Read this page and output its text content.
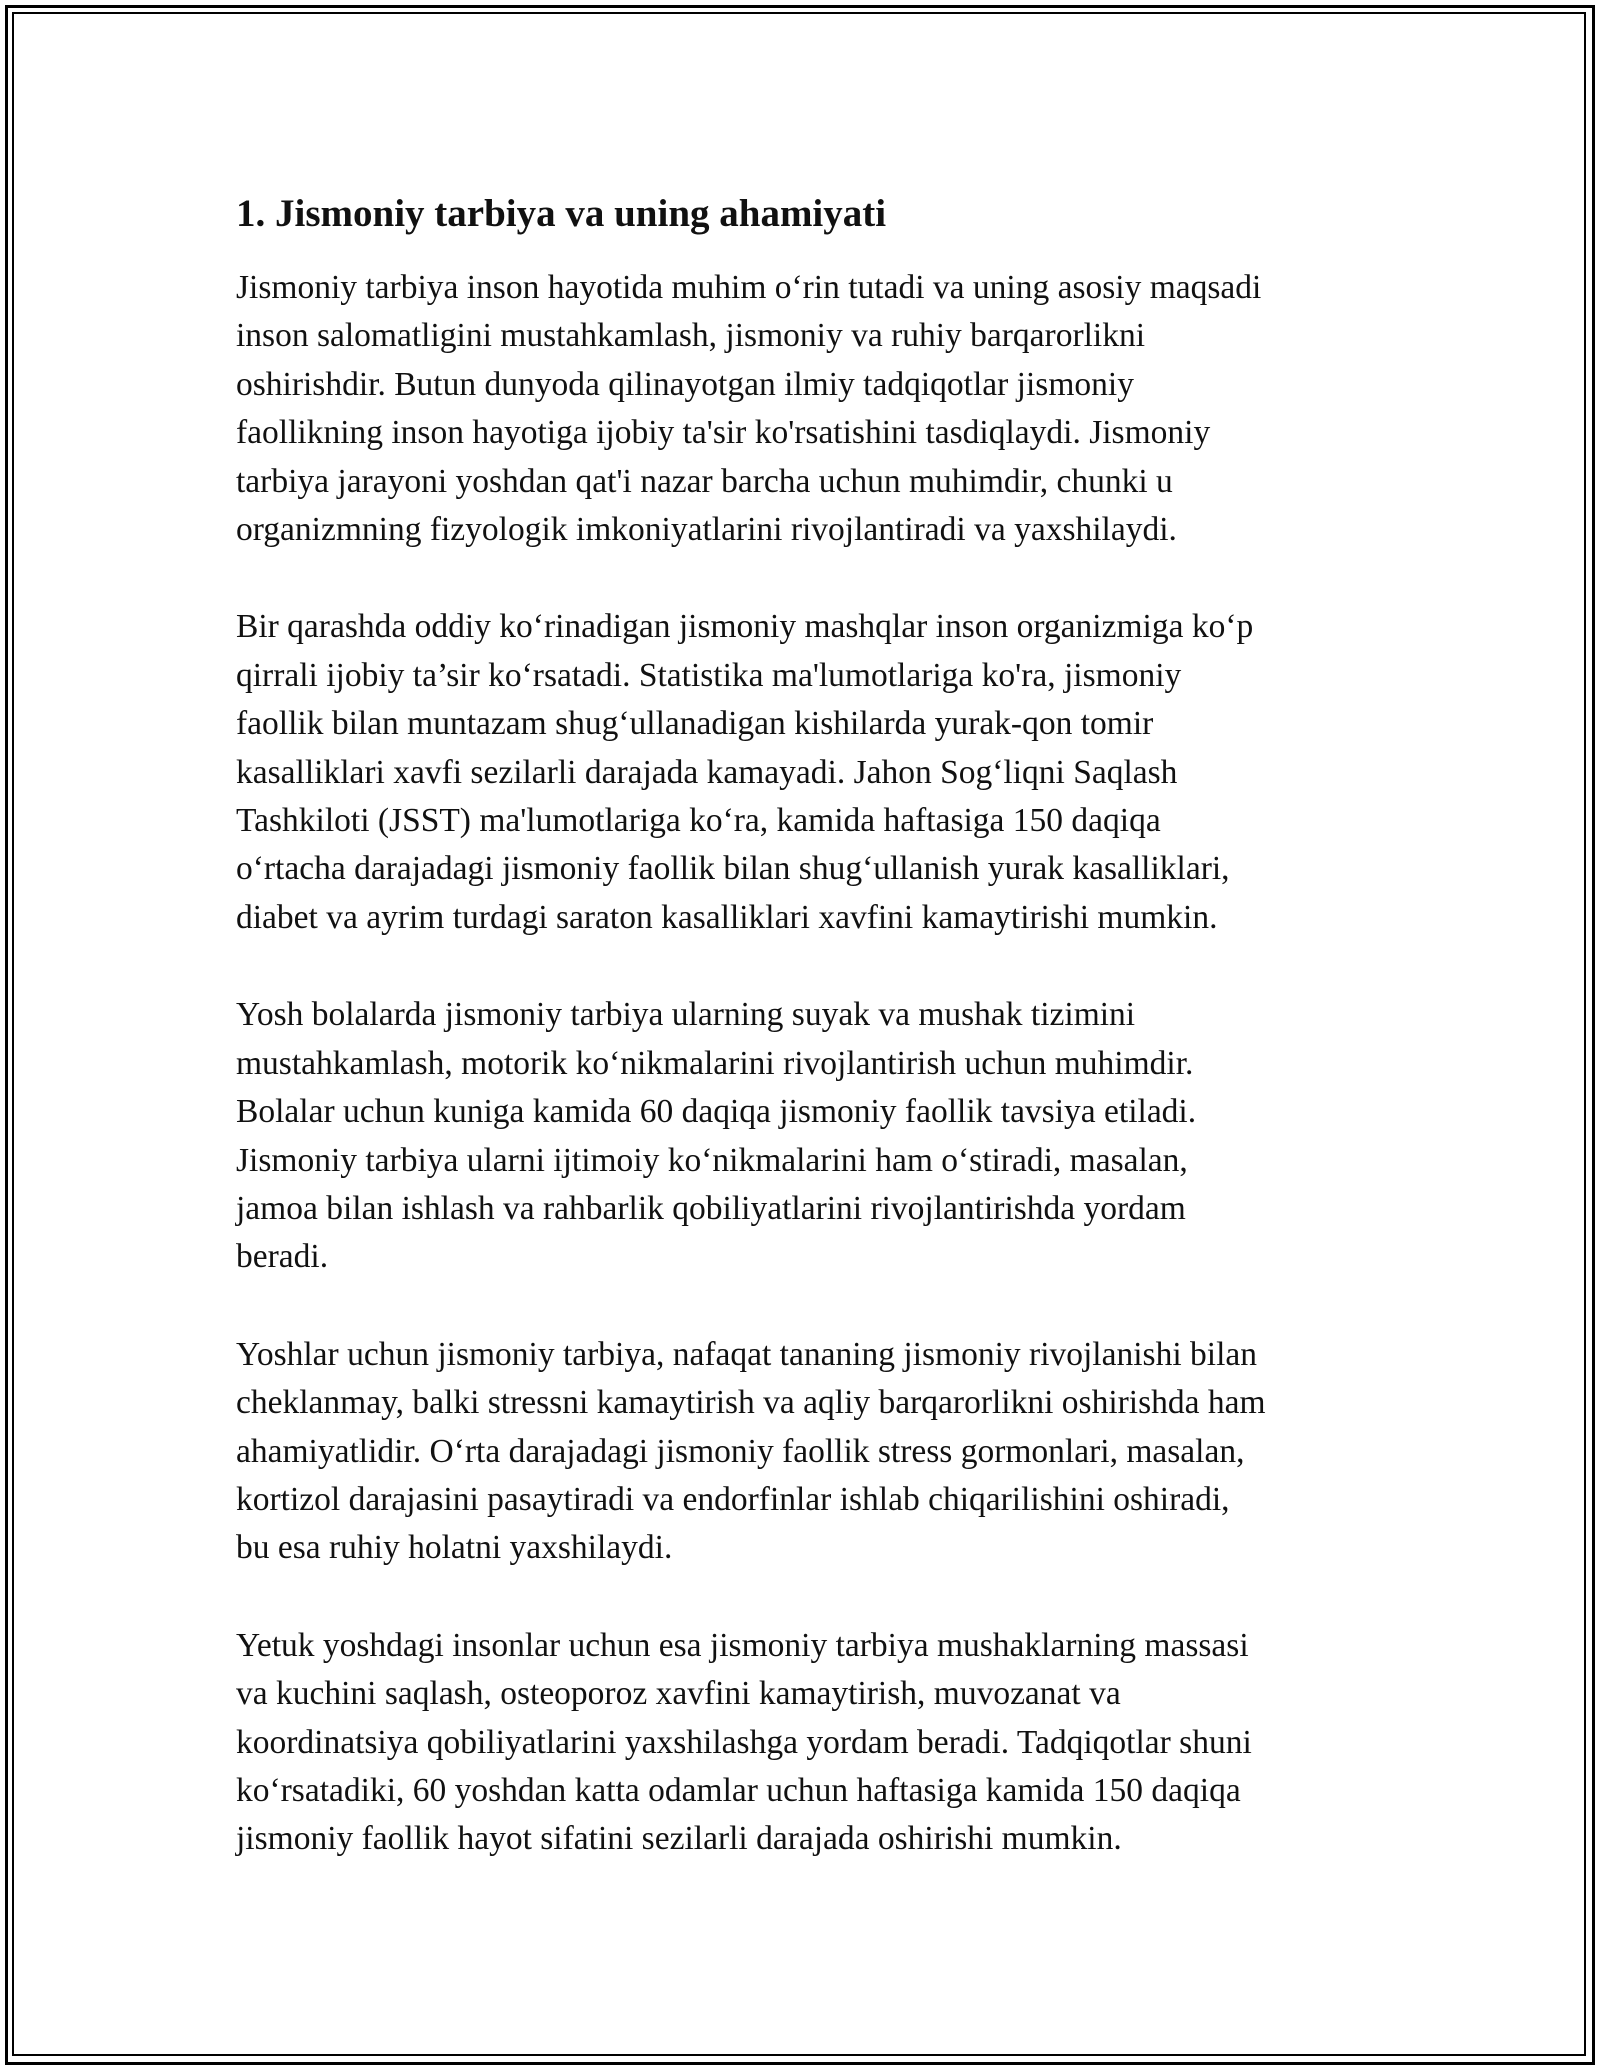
1. Jismoniy tarbiya va uning ahamiyati

Jismoniy tarbiya inson hayotida muhim o‘rin tutadi va uning asosiy maqsadi
inson salomatligini mustahkamlash, jismoniy va ruhiy barqarorlikni
oshirishdir. Butun dunyoda qilinayotgan ilmiy tadqiqotlar jismoniy
faollikning inson hayotiga ijobiy ta'sir ko'rsatishini tasdiqlaydi. Jismoniy
tarbiya jarayoni yoshdan qat'i nazar barcha uchun muhimdir, chunki u
organizmning fizyologik imkoniyatlarini rivojlantiradi va yaxshilaydi.

Bir qarashda oddiy ko‘rinadigan jismoniy mashqlar inson organizmiga ko‘p
qirrali ijobiy ta’sir ko‘rsatadi. Statistika ma'lumotlariga ko'ra, jismoniy
faollik bilan muntazam shug‘ullanadigan kishilarda yurak-qon tomir
kasalliklari xavfi sezilarli darajada kamayadi. Jahon Sog‘liqni Saqlash
Tashkiloti (JSST) ma'lumotlariga ko‘ra, kamida haftasiga 150 daqiqa
o‘rtacha darajadagi jismoniy faollik bilan shug‘ullanish yurak kasalliklari,
diabet va ayrim turdagi saraton kasalliklari xavfini kamaytirishi mumkin.

Yosh bolalarda jismoniy tarbiya ularning suyak va mushak tizimini
mustahkamlash, motorik ko‘nikmalarini rivojlantirish uchun muhimdir.
Bolalar uchun kuniga kamida 60 daqiqa jismoniy faollik tavsiya etiladi.
Jismoniy tarbiya ularni ijtimoiy ko‘nikmalarini ham o‘stiradi, masalan,
jamoa bilan ishlash va rahbarlik qobiliyatlarini rivojlantirishda yordam
beradi.

Yoshlar uchun jismoniy tarbiya, nafaqat tananing jismoniy rivojlanishi bilan
cheklanmay, balki stressni kamaytirish va aqliy barqarorlikni oshirishda ham
ahamiyatlidir. O‘rta darajadagi jismoniy faollik stress gormonlari, masalan,
kortizol darajasini pasaytiradi va endorfinlar ishlab chiqarilishini oshiradi,
bu esa ruhiy holatni yaxshilaydi.

Yetuk yoshdagi insonlar uchun esa jismoniy tarbiya mushaklarning massasi
va kuchini saqlash, osteoporoz xavfini kamaytirish, muvozanat va
koordinatsiya qobiliyatlarini yaxshilashga yordam beradi. Tadqiqotlar shuni
ko‘rsatadiki, 60 yoshdan katta odamlar uchun haftasiga kamida 150 daqiqa
jismoniy faollik hayot sifatini sezilarli darajada oshirishi mumkin.
